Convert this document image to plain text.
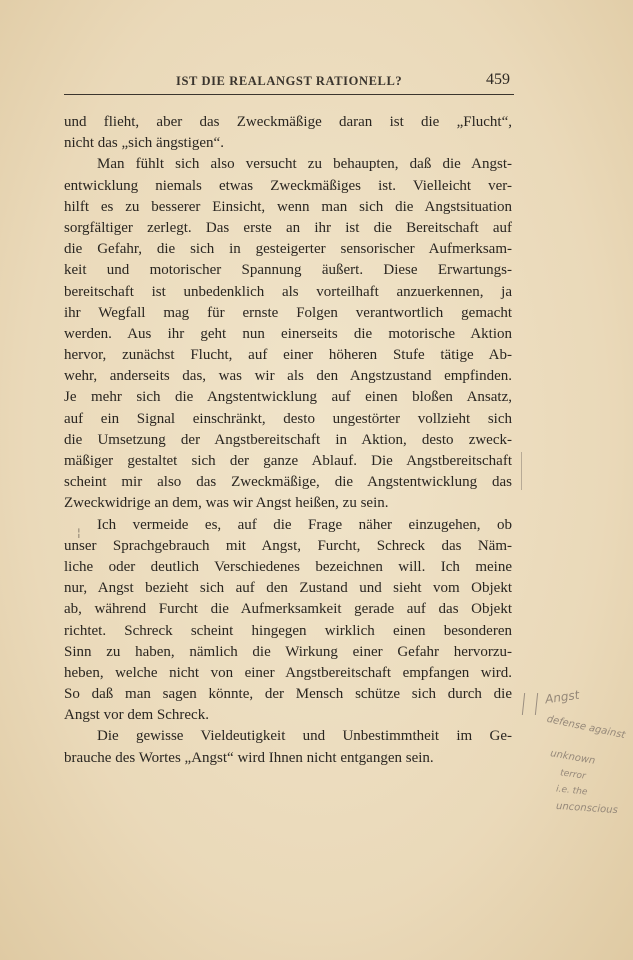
IST DIE REALANGST RATIONELL?	459
und flieht, aber das Zweckmäßige daran ist die „Flucht“,
nicht das „sich ängstigen“.
Man fühlt sich also versucht zu behaupten, daß die Angst-
entwicklung niemals etwas Zweckmäßiges ist. Vielleicht ver-
hilft es zu besserer Einsicht, wenn man sich die Angstsituation
sorgfältiger zerlegt. Das erste an ihr ist die Bereitschaft auf
die Gefahr, die sich in gesteigerter sensorischer Aufmerksam-
keit und motorischer Spannung äußert. Diese Erwartungs-
bereitschaft ist unbedenklich als vorteilhaft anzuerkennen, ja
ihr Wegfall mag für ernste Folgen verantwortlich gemacht
werden. Aus ihr geht nun einerseits die motorische Aktion
hervor, zunächst Flucht, auf einer höheren Stufe tätige Ab-
wehr, anderseits das, was wir als den Angstzustand empfinden.
Je mehr sich die Angstentwicklung auf einen bloßen Ansatz,
auf ein Signal einschränkt, desto ungestörter vollzieht sich
die Umsetzung der Angstbereitschaft in Aktion, desto zweck-
mäßiger gestaltet sich der ganze Ablauf. Die Angstbereitschaft
scheint mir also das Zweckmäßige, die Angstentwicklung das
Zweckwidrige an dem, was wir Angst heißen, zu sein.
Ich vermeide es, auf die Frage näher einzugehen, ob
unser Sprachgebrauch mit Angst, Furcht, Schreck das Näm-
liche oder deutlich Verschiedenes bezeichnen will. Ich meine
nur, Angst bezieht sich auf den Zustand und sieht vom Objekt
ab, während Furcht die Aufmerksamkeit gerade auf das Objekt
richtet. Schreck scheint hingegen wirklich einen besonderen
Sinn zu haben, nämlich die Wirkung einer Gefahr hervorzu-
heben, welche nicht von einer Angstbereitschaft empfangen wird.
So daß man sagen könnte, der Mensch schütze sich durch die
Angst vor dem Schreck.
Die gewisse Vieldeutigkeit und Unbestimmtheit im Ge-
brauche des Wortes „Angst“ wird Ihnen nicht entgangen sein.
¦
Angst
defense against
unknown
terror
i.e. the
unconscious
